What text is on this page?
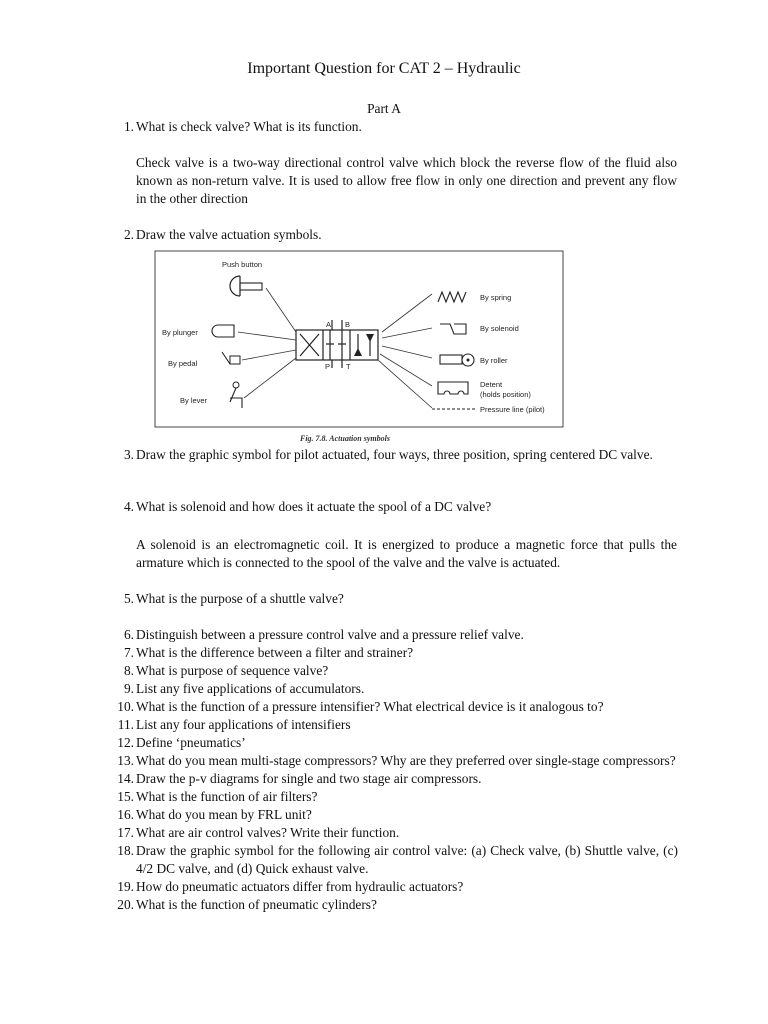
Important Question for CAT 2 – Hydraulic
Part A
1. What is check valve? What is its function.
Check valve is a two-way directional control valve which block the reverse flow of the fluid also known as non-return valve. It is used to allow free flow in only one direction and prevent any flow in the other direction
2. Draw the valve actuation symbols.
A B
P T
Push button
By plunger
By pedal
By lever
By spring
By solenoid
By roller
Detent
(holds position)
Pressure line (pilot)
Fig. 7.8. Actuation symbols
3. Draw the graphic symbol for pilot actuated, four ways, three position, spring centered DC valve.
4. What is solenoid and how does it actuate the spool of a DC valve?
A solenoid is an electromagnetic coil. It is energized to produce a magnetic force that pulls the armature which is connected to the spool of the valve and the valve is actuated.
5. What is the purpose of a shuttle valve?
6. Distinguish between a pressure control valve and a pressure relief valve.
7. What is the difference between a filter and strainer?
8. What is purpose of sequence valve?
9. List any five applications of accumulators.
10. What is the function of a pressure intensifier? What electrical device is it analogous to?
11. List any four applications of intensifiers
12. Define ‘pneumatics’
13. What do you mean multi-stage compressors? Why are they preferred over single-stage compressors?
14. Draw the p-v diagrams for single and two stage air compressors.
15. What is the function of air filters?
16. What do you mean by FRL unit?
17. What are air control valves? Write their function.
18. Draw the graphic symbol for the following air control valve: (a) Check valve, (b) Shuttle valve, (c) 4/2 DC valve, and (d) Quick exhaust valve.
19. How do pneumatic actuators differ from hydraulic actuators?
20. What is the function of pneumatic cylinders?
